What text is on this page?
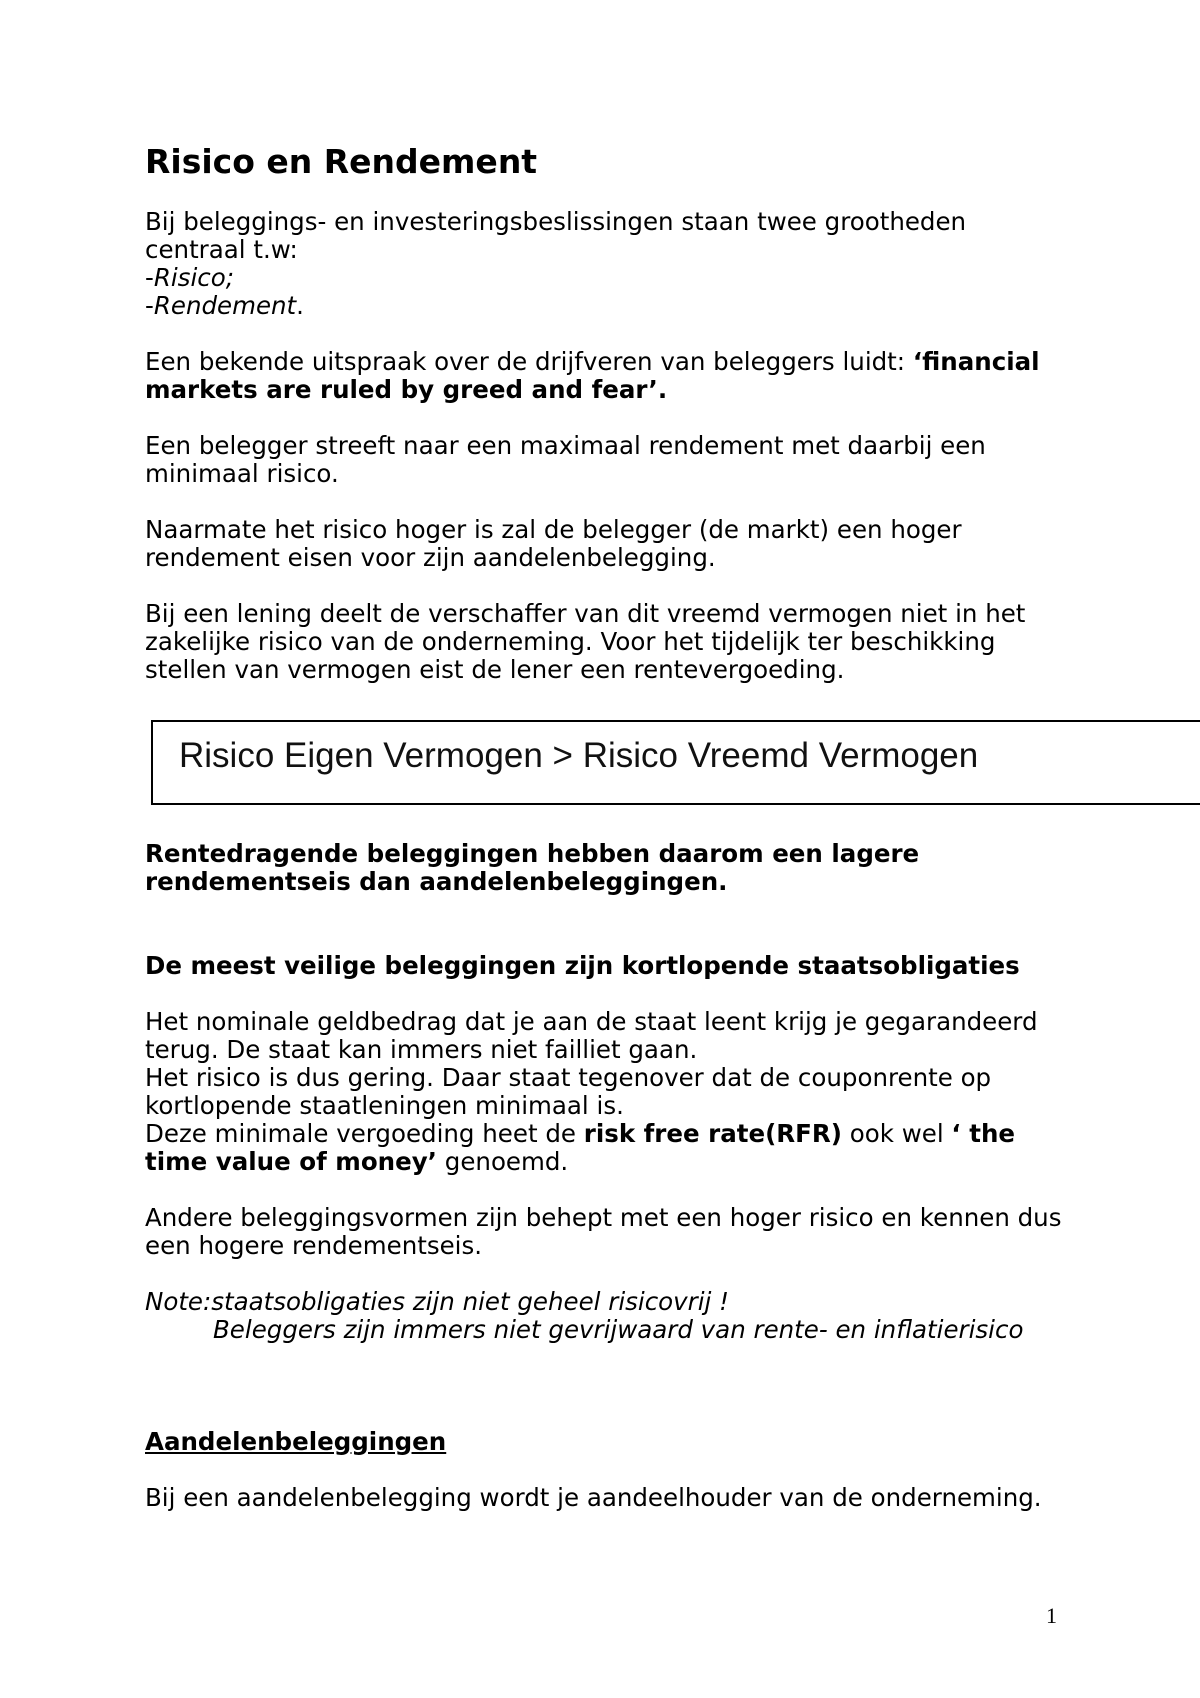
Risico en Rendement
Bij beleggings- en investeringsbeslissingen staan twee grootheden
centraal t.w:
-Risico;
-Rendement.
Een bekende uitspraak over de drijfveren van beleggers luidt: ‘financial
markets are ruled by greed and fear’.
Een belegger streeft naar een maximaal rendement met daarbij een
minimaal risico.
Naarmate het risico hoger is zal de belegger (de markt) een hoger
rendement eisen voor zijn aandelenbelegging.
Bij een lening deelt de verschaffer van dit vreemd vermogen niet in het
zakelijke risico van de onderneming. Voor het tijdelijk ter beschikking
stellen van vermogen eist de lener een rentevergoeding.
Rentedragende beleggingen hebben daarom een lagere
rendementseis dan aandelenbeleggingen.
De meest veilige beleggingen zijn kortlopende staatsobligaties
Het nominale geldbedrag dat je aan de staat leent krijg je gegarandeerd
terug. De staat kan immers niet failliet gaan.
Het risico is dus gering. Daar staat tegenover dat de couponrente op
kortlopende staatleningen minimaal is.
Deze minimale vergoeding heet de risk free rate(RFR) ook wel ‘ the
time value of money’ genoemd.
Andere beleggingsvormen zijn behept met een hoger risico en kennen dus
een hogere rendementseis.
Note:staatsobligaties zijn niet geheel risicovrij !
Beleggers zijn immers niet gevrijwaard van rente- en inflatierisico
Aandelenbeleggingen
Bij een aandelenbelegging wordt je aandeelhouder van de onderneming.
Risico Eigen Vermogen > Risico Vreemd Vermogen
1
